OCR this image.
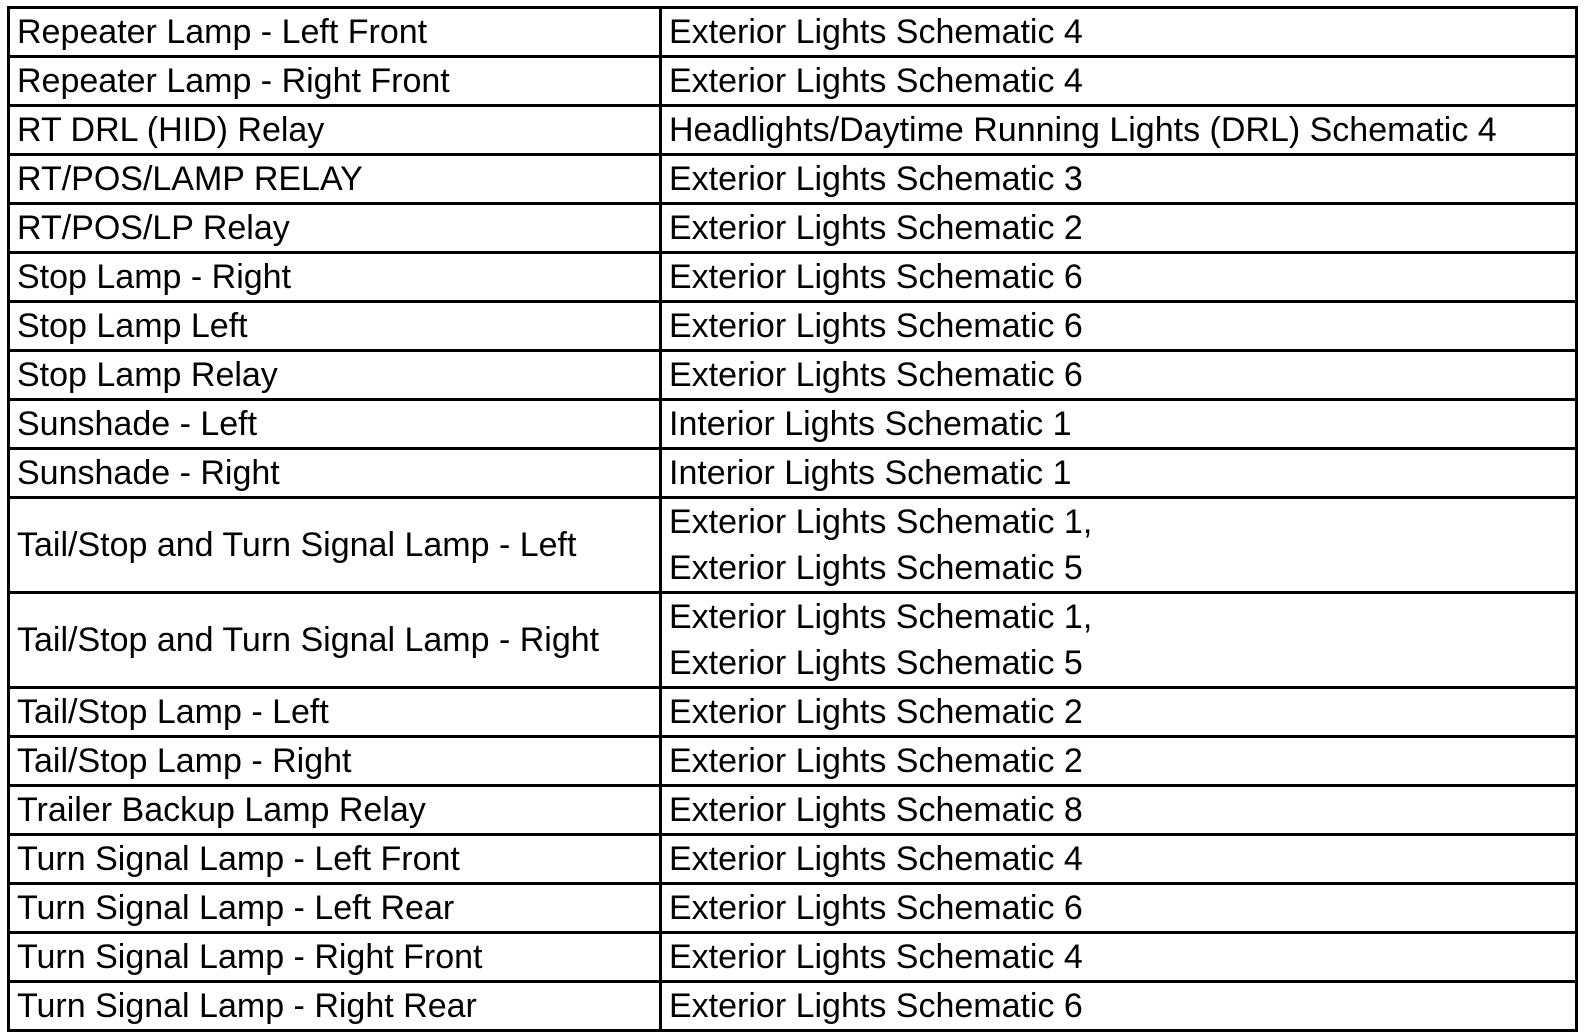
Repeater Lamp - Left Front	Exterior Lights Schematic 4

Repeater Lamp - Right Front	Exterior Lights Schematic 4

RT DRL (HID) Relay	Headlights/Daytime Running Lights (DRL) Schematic 4

RT/POS/LAMP RELAY	Exterior Lights Schematic 3

RT/POS/LP Relay	Exterior Lights Schematic 2

Stop Lamp - Right	Exterior Lights Schematic 6

Stop Lamp Left	Exterior Lights Schematic 6

Stop Lamp Relay	Exterior Lights Schematic 6

Sunshade - Left	Interior Lights Schematic 1

Sunshade - Right	Interior Lights Schematic 1

Tail/Stop and Turn Signal Lamp - Left	Exterior Lights Schematic 1,
Exterior Lights Schematic 5

Tail/Stop and Turn Signal Lamp - Right	Exterior Lights Schematic 1,
Exterior Lights Schematic 5

Tail/Stop Lamp - Left	Exterior Lights Schematic 2

Tail/Stop Lamp - Right	Exterior Lights Schematic 2

Trailer Backup Lamp Relay	Exterior Lights Schematic 8

Turn Signal Lamp - Left Front	Exterior Lights Schematic 4

Turn Signal Lamp - Left Rear	Exterior Lights Schematic 6

Turn Signal Lamp - Right Front	Exterior Lights Schematic 4

Turn Signal Lamp - Right Rear	Exterior Lights Schematic 6
